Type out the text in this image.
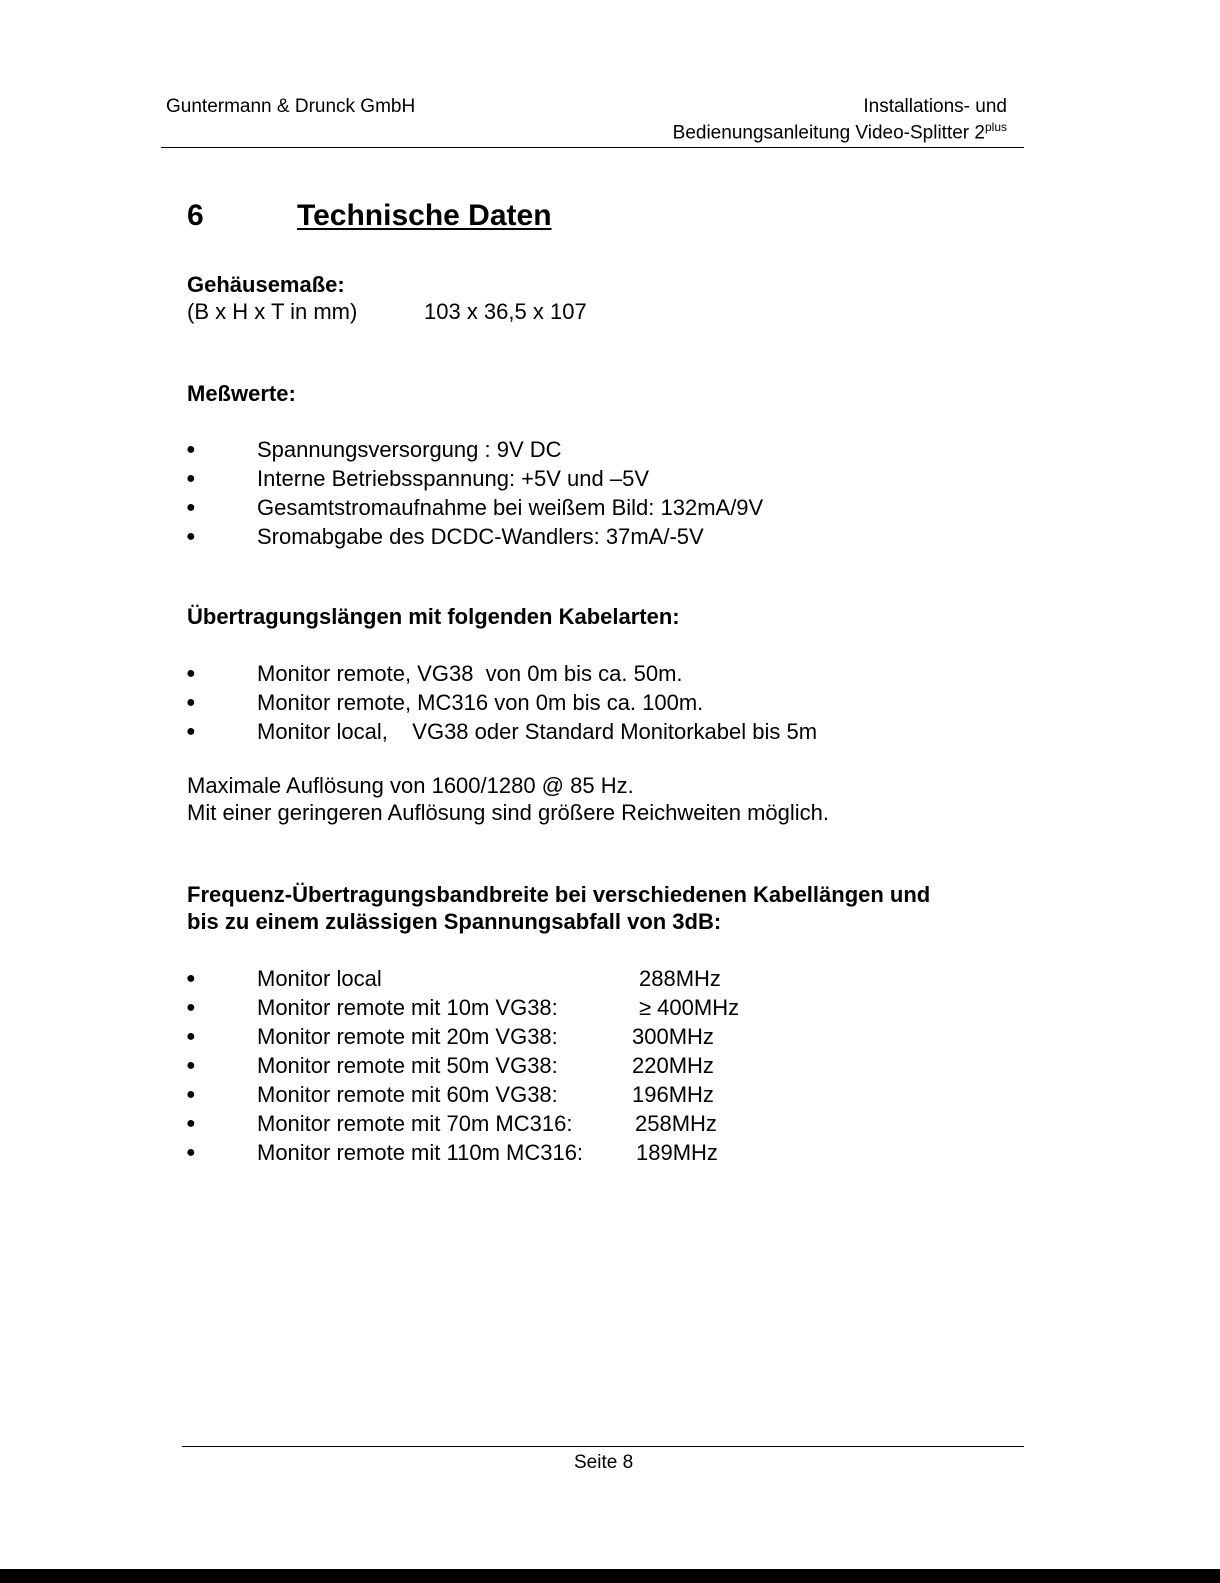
Guntermann & Drunck GmbH	Installations- und
Bedienungsanleitung Video-Splitter $2^{plus}$
6	Technische Daten
Gehäusemaße:
(B x H x T in mm)	103 x 36,5 x 107
Meßwerte:
●	Spannungsversorgung : 9V DC
●	Interne Betriebsspannung: +5V und –5V
●	Gesamtstromaufnahme bei weißem Bild: 132mA/9V
●	Sromabgabe des DCDC-Wandlers: 37mA/-5V
Übertragungslängen mit folgenden Kabelarten:
●	Monitor remote, VG38  von 0m bis ca. 50m.
●	Monitor remote, MC316 von 0m bis ca. 100m.
●	Monitor local,    VG38 oder Standard Monitorkabel bis 5m
Maximale Auflösung von 1600/1280 @ 85 Hz.
Mit einer geringeren Auflösung sind größere Reichweiten möglich.
Frequenz-Übertragungsbandbreite bei verschiedenen Kabellängen und
bis zu einem zulässigen Spannungsabfall von 3dB:
●	Monitor local	288MHz
●	Monitor remote mit 10m VG38:	≥ 400MHz
●	Monitor remote mit 20m VG38:	300MHz
●	Monitor remote mit 50m VG38:	220MHz
●	Monitor remote mit 60m VG38:	196MHz
●	Monitor remote mit 70m MC316:	258MHz
●	Monitor remote mit 110m MC316: 189MHz
Seite 8
